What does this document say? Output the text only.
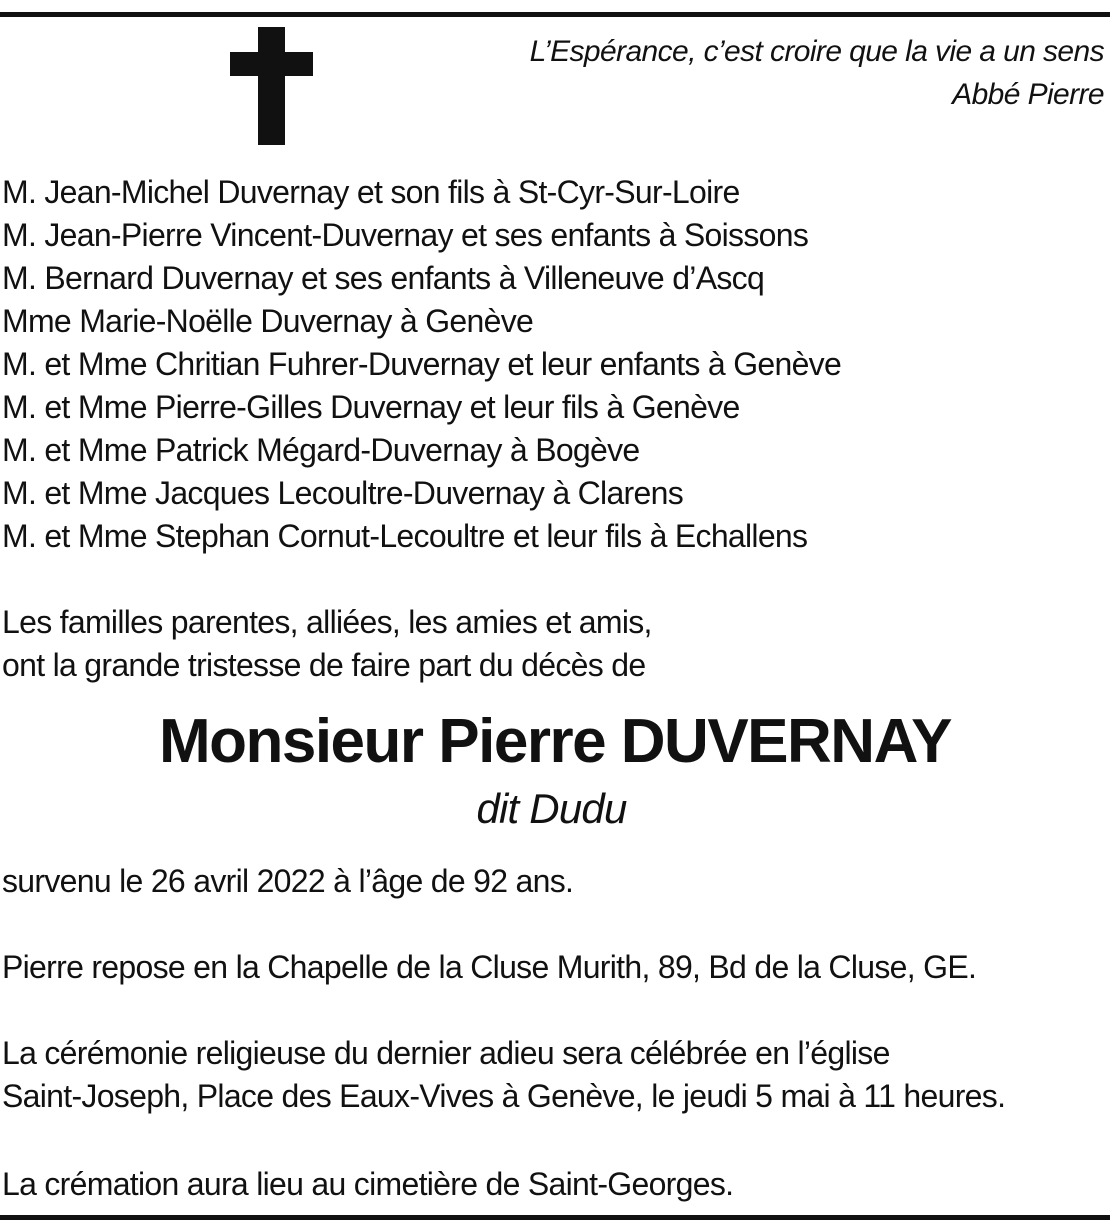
L’Espérance, c’est croire que la vie a un sens
Abbé Pierre
M. Jean-Michel Duvernay et son fils à St-Cyr-Sur-Loire
M. Jean-Pierre Vincent-Duvernay et ses enfants à Soissons
M. Bernard Duvernay et ses enfants à Villeneuve d’Ascq
Mme Marie-Noëlle Duvernay à Genève
M. et Mme Chritian Fuhrer-Duvernay et leur enfants à Genève
M. et Mme Pierre-Gilles Duvernay et leur fils à Genève
M. et Mme Patrick Mégard-Duvernay à Bogève
M. et Mme Jacques Lecoultre-Duvernay à Clarens
M. et Mme Stephan Cornut-Lecoultre et leur fils à Echallens
Les familles parentes, alliées, les amies et amis,
ont la grande tristesse de faire part du décès de
Monsieur Pierre DUVERNAY
dit Dudu
survenu le 26 avril 2022 à l’âge de 92 ans.
Pierre repose en la Chapelle de la Cluse Murith, 89, Bd de la Cluse, GE.
La cérémonie religieuse du dernier adieu sera célébrée en l’église
Saint-Joseph, Place des Eaux-Vives à Genève, le jeudi 5 mai à 11 heures.
La crémation aura lieu au cimetière de Saint-Georges.
